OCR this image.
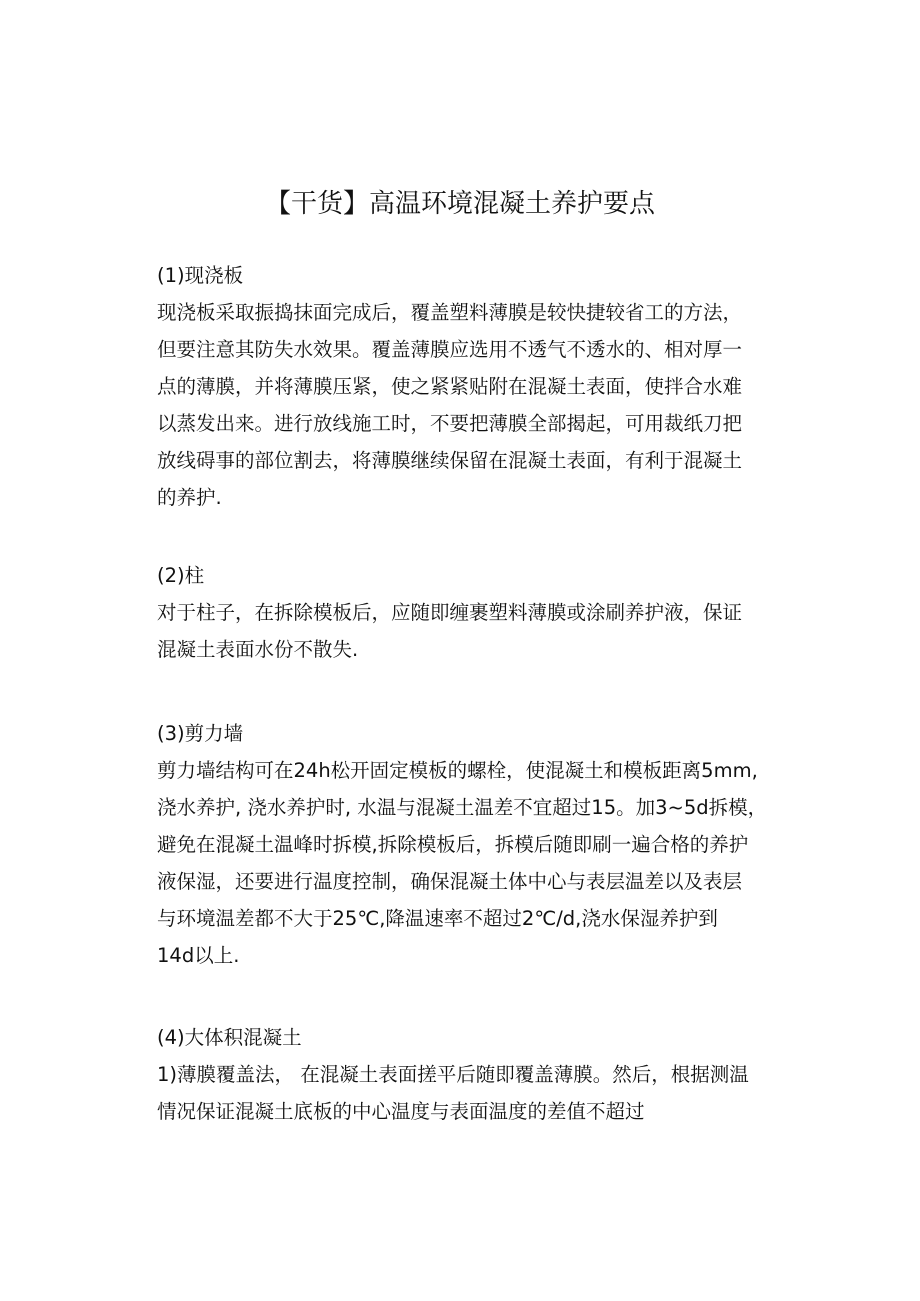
【干货】高温环境混凝土养护要点
(1)现浇板
现浇板采取振捣抹面完成后，覆盖塑料薄膜是较快捷较省工的方法，
但要注意其防失水效果。覆盖薄膜应选用不透气不透水的、相对厚一
点的薄膜，并将薄膜压紧，使之紧紧贴附在混凝土表面，使拌合水难
以蒸发出来。进行放线施工时，不要把薄膜全部揭起，可用裁纸刀把
放线碍事的部位割去，将薄膜继续保留在混凝土表面，有利于混凝土
的养护.
(2)柱
对于柱子，在拆除模板后，应随即缠裹塑料薄膜或涂刷养护液，保证
混凝土表面水份不散失.
(3)剪力墙
剪力墙结构可在24h松开固定模板的螺栓，使混凝土和模板距离5mm,
浇水养护, 浇水养护时, 水温与混凝土温差不宜超过15。加3~5d拆模，
避免在混凝土温峰时拆模,拆除模板后，拆模后随即刷一遍合格的养护
液保湿，还要进行温度控制，确保混凝土体中心与表层温差以及表层
与环境温差都不大于25℃,降温速率不超过2℃/d,浇水保湿养护到
14d以上.
(4)大体积混凝土
1)薄膜覆盖法， 在混凝土表面搓平后随即覆盖薄膜。然后，根据测温
情况保证混凝土底板的中心温度与表面温度的差值不超过
